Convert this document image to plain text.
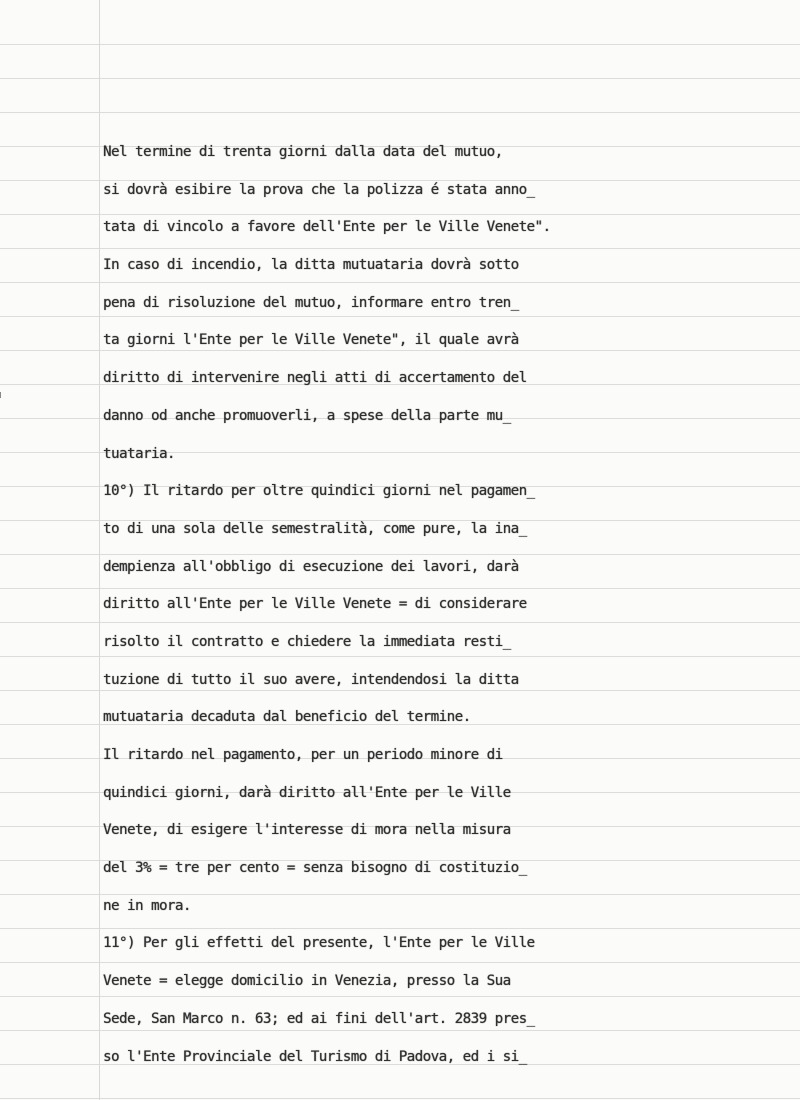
Nel termine di trenta giorni dalla data del mutuo,
si dovrà esibire la prova che la polizza é stata anno_
tata di vincolo a favore dell'Ente per le Ville Venete".
In caso di incendio, la ditta mutuataria dovrà sotto
pena di risoluzione del mutuo, informare entro tren_
ta giorni l'Ente per le Ville Venete", il quale avrà
diritto di intervenire negli atti di accertamento del
danno od anche promuoverli, a spese della parte mu_
tuataria.
10°) Il ritardo per oltre quindici giorni nel pagamen_
to di una sola delle semestralità, come pure, la ina_
dempienza all'obbligo di esecuzione dei lavori, darà
diritto all'Ente per le Ville Venete = di considerare
risolto il contratto e chiedere la immediata resti_
tuzione di tutto il suo avere, intendendosi la ditta
mutuataria decaduta dal beneficio del termine.
Il ritardo nel pagamento, per un periodo minore di
quindici giorni, darà diritto all'Ente per le Ville
Venete, di esigere l'interesse di mora nella misura
del 3% = tre per cento = senza bisogno di costituzio_
ne in mora.
11°) Per gli effetti del presente, l'Ente per le Ville
Venete = elegge domicilio in Venezia, presso la Sua
Sede, San Marco n. 63; ed ai fini dell'art. 2839 pres_
so l'Ente Provinciale del Turismo di Padova, ed i si_
